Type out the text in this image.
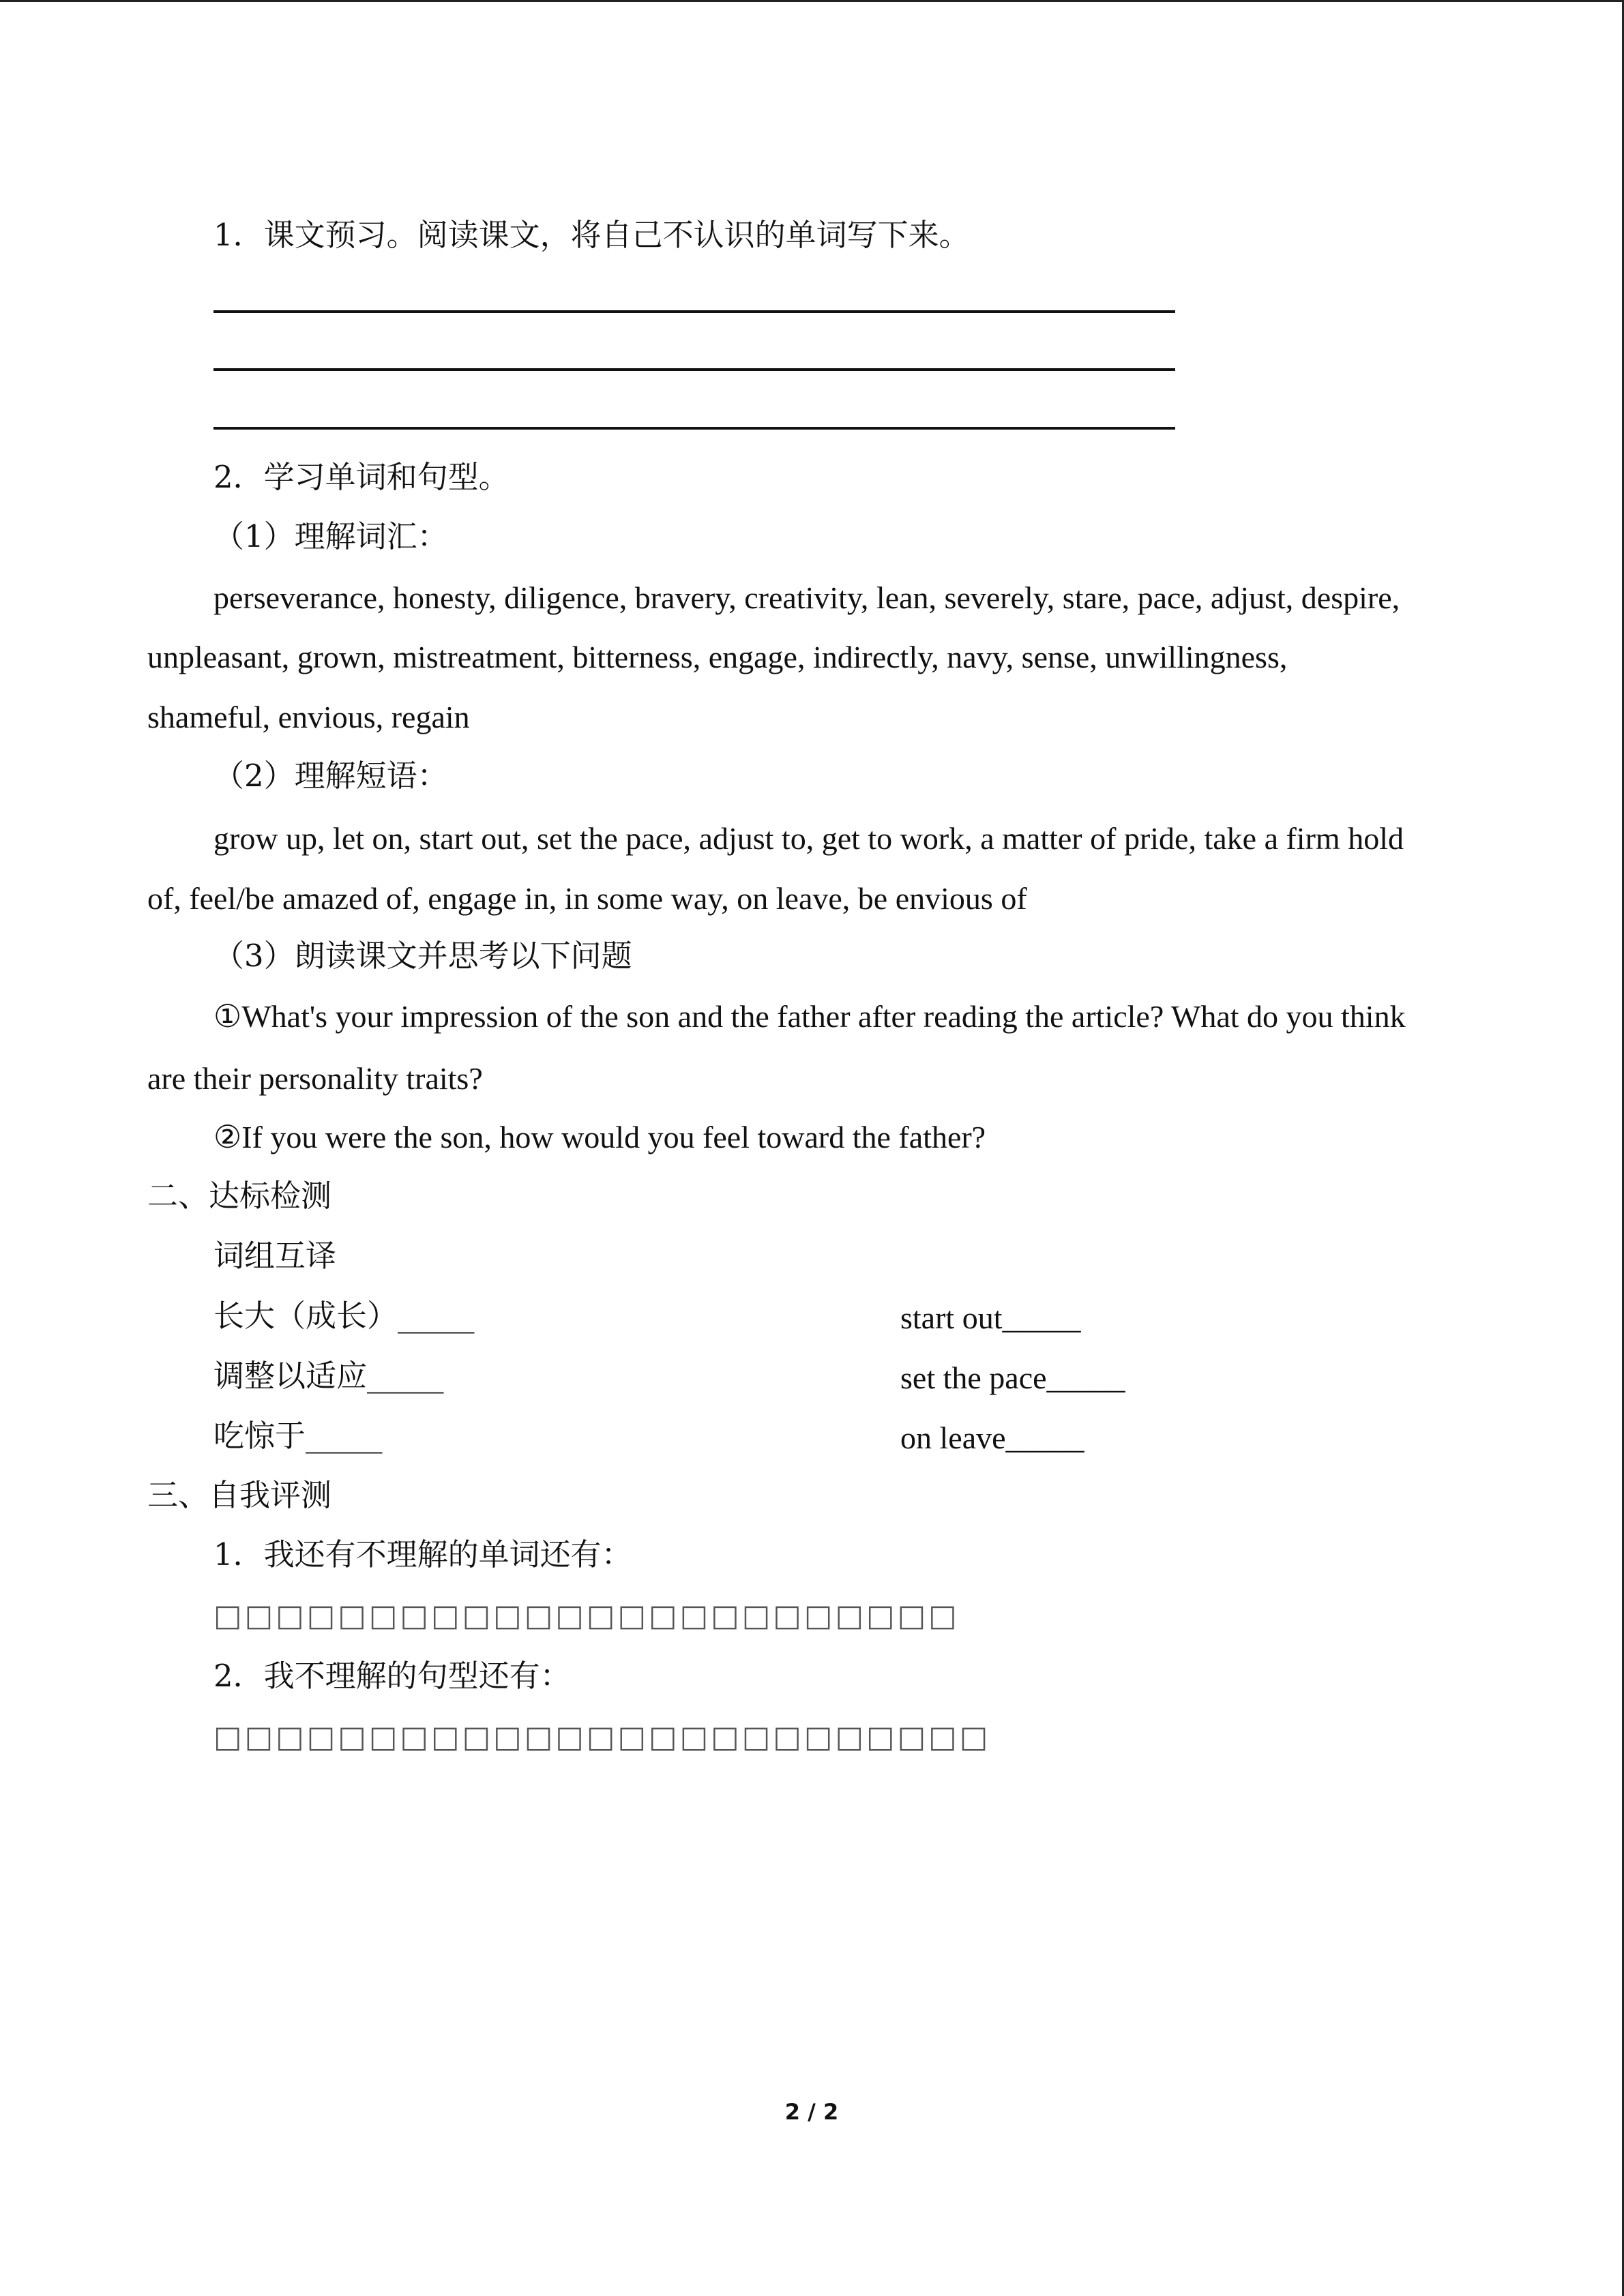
1．课文预习。阅读课文，将自己不认识的单词写下来。
2．学习单词和句型。
（1）理解词汇：
perseverance, honesty, diligence, bravery, creativity, lean, severely, stare, pace, adjust, despire,
unpleasant, grown, mistreatment, bitterness, engage, indirectly, navy, sense, unwillingness,
shameful, envious, regain
（2）理解短语：
grow up, let on, start out, set the pace, adjust to, get to work, a matter of pride, take a firm hold
of, feel/be amazed of, engage in, in some way, on leave, be envious of
（3）朗读课文并思考以下问题
①What's your impression of the son and the father after reading the article? What do you think
are their personality traits?
②If you were the son, how would you feel toward the father?
二、达标检测
词组互译
长大（成长）_____	start out_____
调整以适应_____	set the pace_____
吃惊于_____	on leave_____
三、自我评测
1．我还有不理解的单词还有：
□□□□□□□□□□□□□□□□□□□□□□□□
2．我不理解的句型还有：
□□□□□□□□□□□□□□□□□□□□□□□□□
2 / 2
